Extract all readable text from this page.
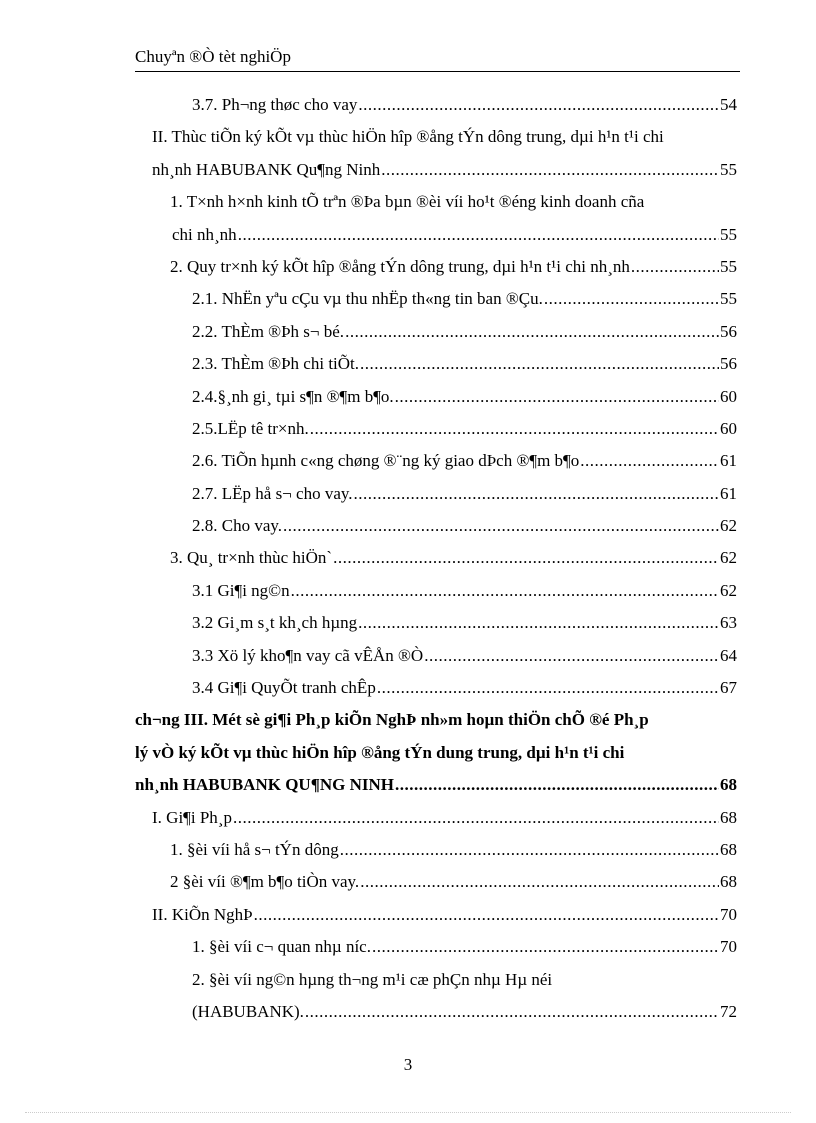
Chuyªn ®Ò tèt nghiÖp
3.7. Ph¬ng thøc cho vay .....	54
II. Thùc tiÕn ký kÕt vµ thùc hiÖn hîp ®ång tÝn dông trung, dµi h¹n t¹i chi
nh¸nh HABUBANK Qu¶ng Ninh .....	55
1. T×nh h×nh kinh tÕ trªn ®Þa bµn ®èi víi ho¹t ®éng kinh doanh cña
chi nh¸nh .....	55
2. Quy tr×nh ký kÕt hîp ®ång tÝn dông trung, dµi h¹n t¹i chi nh¸nh .....	55
2.1. NhËn yªu cÇu vµ thu nhËp th«ng tin ban ®Çu. .....	55
2.2. ThÈm ®Þh s¬ bé. .....	56
2.3. ThÈm ®Þh chi tiÕt. .....	56
2.4.§¸nh gi¸ tµi s¶n ®¶m b¶o. .....	60
2.5.LËp tê tr×nh. .....	60
2.6. TiÕn hµnh c«ng chøng ®¨ng ký giao dÞch ®¶m b¶o .....	61
2.7. LËp hå s¬ cho vay. .....	61
2.8. Cho vay. .....	62
3. Qu¸ tr×nh thùc hiÖn` .....	62
3.1 Gi¶i ng©n .....	62
3.2 Gi¸m s¸t kh¸ch hµng .....	63
3.3 Xö lý kho¶n vay cã vÊÅn ®Ò .....	64
3.4 Gi¶i QuyÕt tranh chÊp .....	67
ch¬ng III. Mét sè gi¶i Ph¸p kiÕn NghÞ nh»m hoµn thiÖn chÕ ®é Ph¸p
lý vÒ ký kÕt vµ thùc hiÖn hîp ®ång tÝn dung trung, dµi h¹n t¹i chi
nh¸nh HABUBANK QU¶NG NINH .....	68
I. Gi¶i Ph¸p .....	68
1. §èi víi hå s¬ tÝn dông .....	68
2 §èi víi ®¶m b¶o tiÒn vay. .....	68
II. KiÕn NghÞ .....	70
1. §èi víi c¬ quan nhµ níc. .....	70
2. §èi víi ng©n hµng th¬ng m¹i cæ phÇn nhµ Hµ néi
(HABUBANK). .....	72
3
